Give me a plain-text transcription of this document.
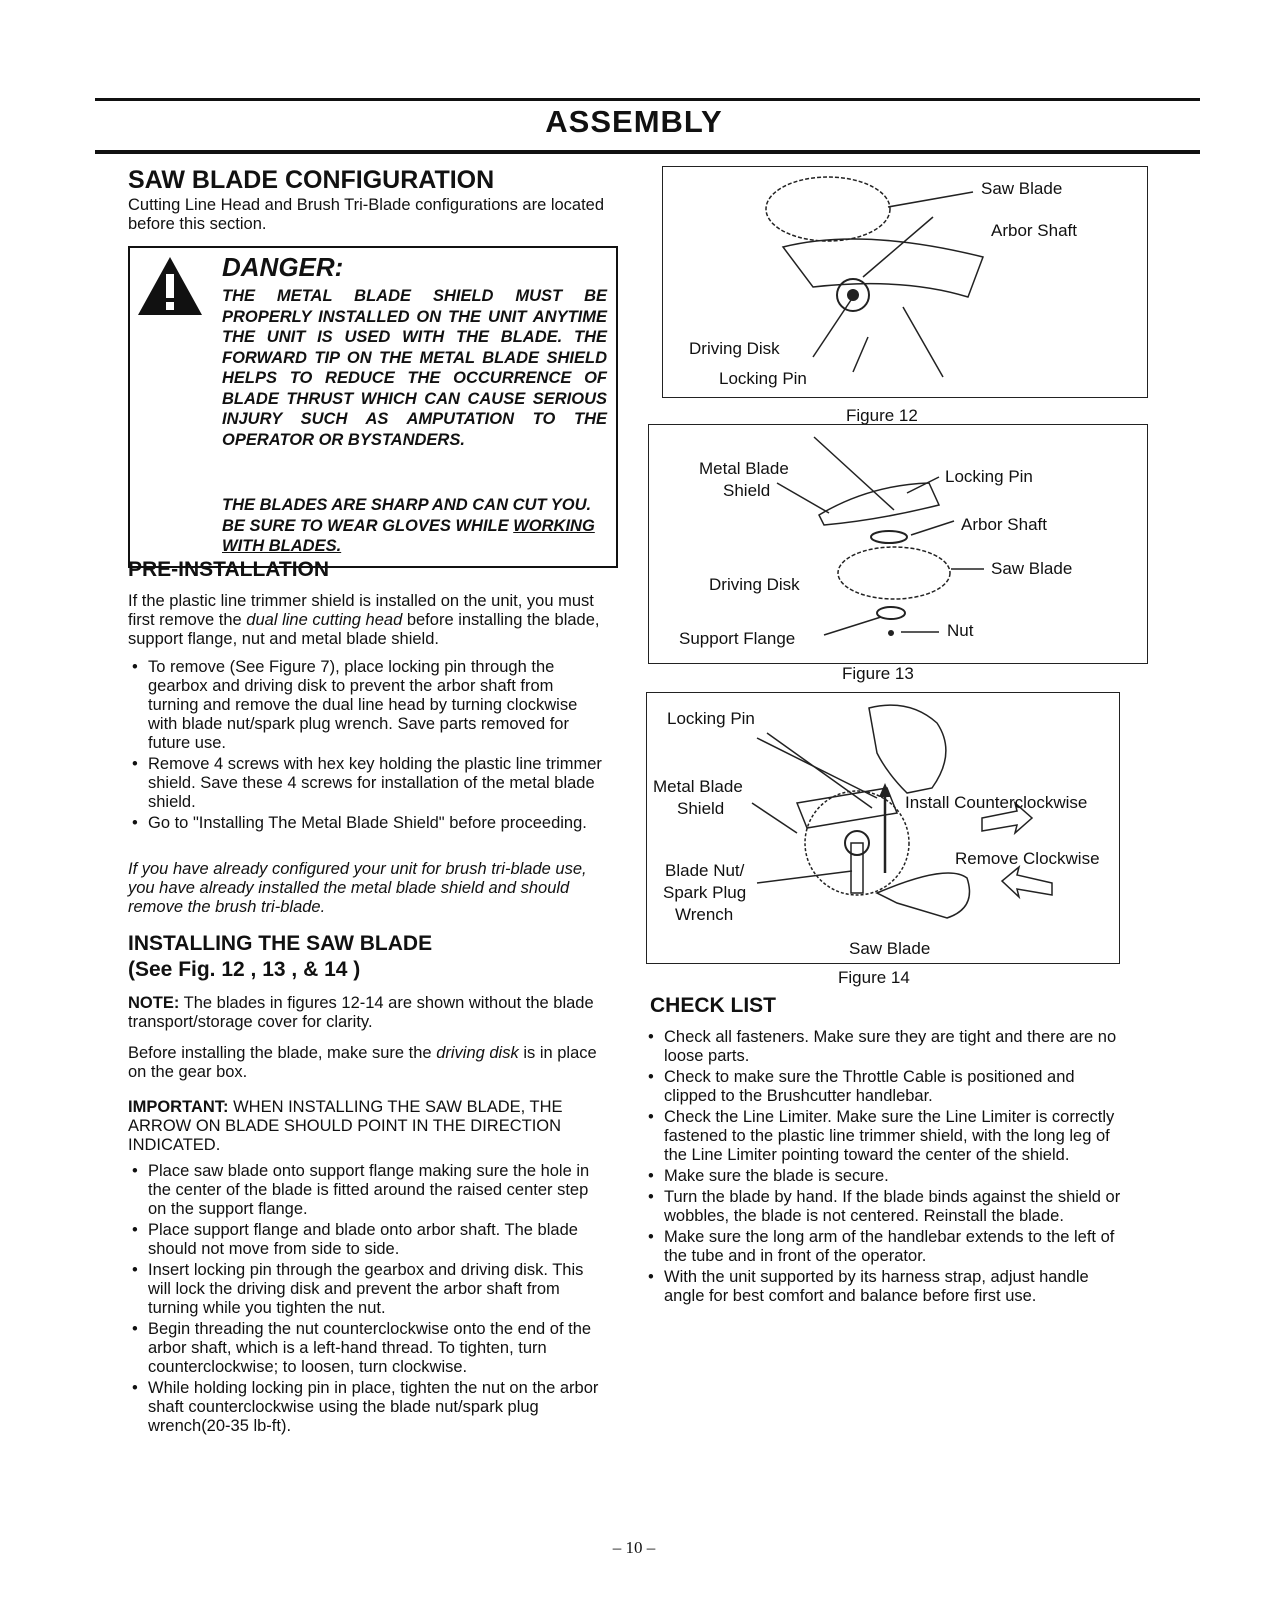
ASSEMBLY
SAW BLADE CONFIGURATION
Cutting Line Head and Brush Tri-Blade configurations are located before this section.
DANGER:
THE METAL BLADE SHIELD MUST BE PROPERLY INSTALLED ON THE UNIT ANYTIME THE UNIT IS USED WITH THE BLADE. THE FORWARD TIP ON THE METAL BLADE SHIELD HELPS TO REDUCE THE OCCURRENCE OF BLADE THRUST WHICH CAN CAUSE SERIOUS INJURY SUCH AS AMPUTATION TO THE OPERATOR OR BYSTANDERS.
THE BLADES ARE SHARP AND CAN CUT YOU. BE SURE TO WEAR GLOVES WHILE WORKING WITH BLADES.
PRE-INSTALLATION
If the plastic line trimmer shield is installed on the unit, you must first remove the dual line cutting head before installing the blade, support flange, nut and metal blade shield.
• To remove (See Figure 7), place locking pin through the gearbox and driving disk to prevent the arbor shaft from turning and remove the dual line head by turning clockwise with blade nut/spark plug wrench. Save parts removed for future use.
• Remove 4 screws with hex key holding the plastic line trimmer shield. Save these 4 screws for installation of the metal blade shield.
• Go to "Installing The Metal Blade Shield" before proceeding.
If you have already configured your unit for brush tri-blade use, you have already installed the metal blade shield and should remove the brush tri-blade.
INSTALLING THE SAW BLADE
(See Fig. 12 , 13 , & 14 )
NOTE: The blades in figures 12-14 are shown without the blade transport/storage cover for clarity.
Before installing the blade, make sure the driving disk is in place on the gear box.
IMPORTANT: WHEN INSTALLING THE SAW BLADE, THE ARROW ON BLADE SHOULD POINT IN THE DIRECTION INDICATED.
• Place saw blade onto support flange making sure the hole in the center of the blade is fitted around the raised center step on the support flange.
• Place support flange and blade onto arbor shaft. The blade should not move from side to side.
• Insert locking pin through the gearbox and driving disk. This will lock the driving disk and prevent the arbor shaft from turning while you tighten the nut.
• Begin threading the nut counterclockwise onto the end of the arbor shaft, which is a left-hand thread. To tighten, turn counterclockwise; to loosen, turn clockwise.
• While holding locking pin in place, tighten the nut on the arbor shaft counterclockwise using the blade nut/spark plug wrench(20-35 lb-ft).
Saw Blade
Arbor Shaft
Driving Disk
Locking Pin
Figure 12
Metal Blade
Shield
Locking Pin
Arbor Shaft
Saw Blade
Driving Disk
Support Flange	Nut
Figure 13
Locking Pin
Metal Blade
Shield	Install Counterclockwise
Remove Clockwise
Blade Nut/
Spark Plug
Wrench
Saw Blade
Figure 14
CHECK LIST
• Check all fasteners. Make sure they are tight and there are no loose parts.
• Check to make sure the Throttle Cable is positioned and clipped to the Brushcutter handlebar.
• Check the Line Limiter. Make sure the Line Limiter is correctly fastened to the plastic line trimmer shield, with the long leg of the Line Limiter pointing toward the center of the shield.
• Make sure the blade is secure.
• Turn the blade by hand. If the blade binds against the shield or wobbles, the blade is not centered. Reinstall the blade.
• Make sure the long arm of the handlebar extends to the left of the tube and in front of the operator.
• With the unit supported by its harness strap, adjust handle angle for best comfort and balance before first use.
– 10 –
